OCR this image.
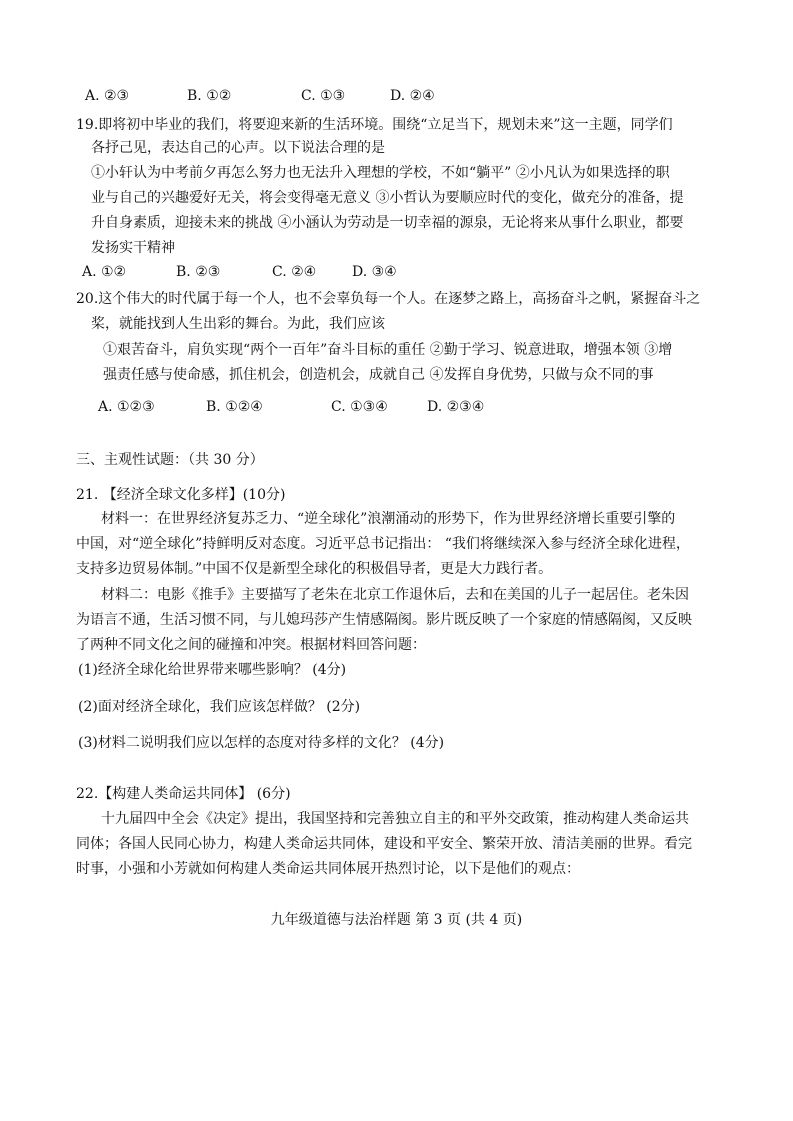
A. ②③	B. ①②	C. ①③	D. ②④
19.即将初中毕业的我们，将要迎来新的生活环境。围绕“立足当下，规划未来”这一主题，同学们
各抒己见，表达自己的心声。以下说法合理的是
①小轩认为中考前夕再怎么努力也无法升入理想的学校，不如“躺平” ②小凡认为如果选择的职
业与自己的兴趣爱好无关，将会变得毫无意义 ③小哲认为要顺应时代的变化，做充分的准备，提
升自身素质，迎接未来的挑战 ④小涵认为劳动是一切幸福的源泉，无论将来从事什么职业，都要
发扬实干精神
A. ①②	B. ②③	C. ②④	D. ③④
20.这个伟大的时代属于每一个人，也不会辜负每一个人。在逐梦之路上，高扬奋斗之帆，紧握奋斗之
桨，就能找到人生出彩的舞台。为此，我们应该
①艰苦奋斗，肩负实现“两个一百年”奋斗目标的重任 ②勤于学习、锐意进取，增强本领 ③增
强责任感与使命感，抓住机会，创造机会，成就自己 ④发挥自身优势，只做与众不同的事
A. ①②③	B. ①②④	C. ①③④	D. ②③④
三、主观性试题：（共 30 分）
21. 【经济全球文化多样】(10分)
材料一：在世界经济复苏乏力、“逆全球化”浪潮涌动的形势下，作为世界经济增长重要引擎的
中国，对“逆全球化”持鲜明反对态度。习近平总书记指出： “我们将继续深入参与经济全球化进程，
支持多边贸易体制。”中国不仅是新型全球化的积极倡导者，更是大力践行者。
材料二：电影《推手》主要描写了老朱在北京工作退休后，去和在美国的儿子一起居住。老朱因
为语言不通，生活习惯不同，与儿媳玛莎产生情感隔阂。影片既反映了一个家庭的情感隔阂，又反映
了两种不同文化之间的碰撞和冲突。根据材料回答问题：
(1)经济全球化给世界带来哪些影响？ (4分)
(2)面对经济全球化，我们应该怎样做？ (2分)
(3)材料二说明我们应以怎样的态度对待多样的文化？ (4分)
22.【构建人类命运共同体】 (6分)
十九届四中全会《决定》提出，我国坚持和完善独立自主的和平外交政策，推动构建人类命运共
同体；各国人民同心协力，构建人类命运共同体，建设和平安全、繁荣开放、清洁美丽的世界。看完
时事，小强和小芳就如何构建人类命运共同体展开热烈讨论，以下是他们的观点：
九年级道德与法治样题 第 3 页 (共 4 页)
